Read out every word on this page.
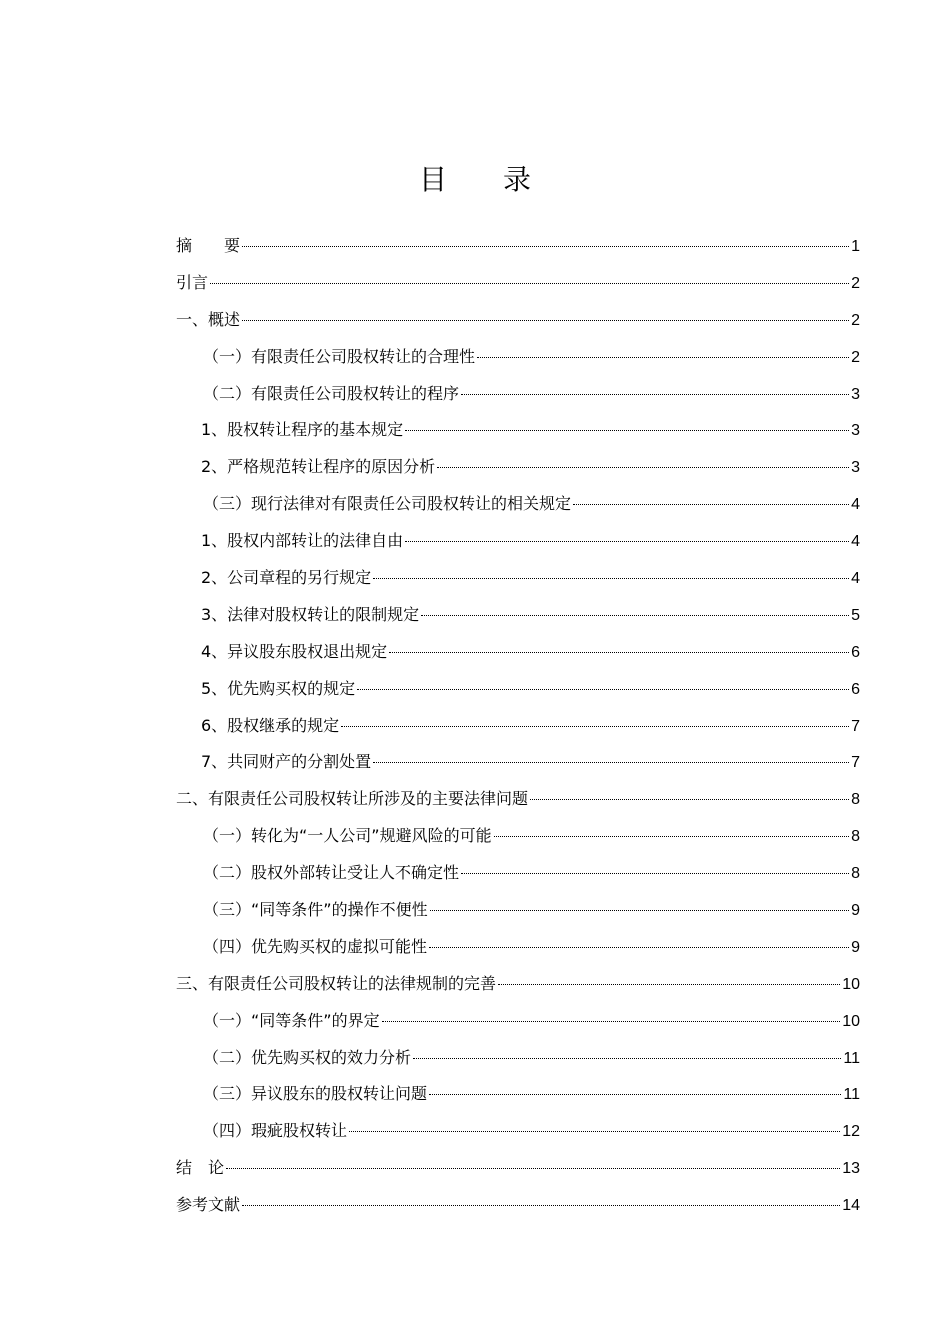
目　　录
摘　　要	1
引言	2
一、概述	2
（一）有限责任公司股权转让的合理性	2
（二）有限责任公司股权转让的程序	3
1、股权转让程序的基本规定	3
2、严格规范转让程序的原因分析	3
（三）现行法律对有限责任公司股权转让的相关规定	4
1、股权内部转让的法律自由	4
2、公司章程的另行规定	4
3、法律对股权转让的限制规定	5
4、异议股东股权退出规定	6
5、优先购买权的规定	6
6、股权继承的规定	7
7、共同财产的分割处置	7
二、有限责任公司股权转让所涉及的主要法律问题	8
（一）转化为“一人公司”规避风险的可能	8
（二）股权外部转让受让人不确定性	8
（三）“同等条件”的操作不便性	9
（四）优先购买权的虚拟可能性	9
三、有限责任公司股权转让的法律规制的完善	10
（一）“同等条件”的界定	10
（二）优先购买权的效力分析	11
（三）异议股东的股权转让问题	11
（四）瑕疵股权转让	12
结　论	13
参考文献	14
